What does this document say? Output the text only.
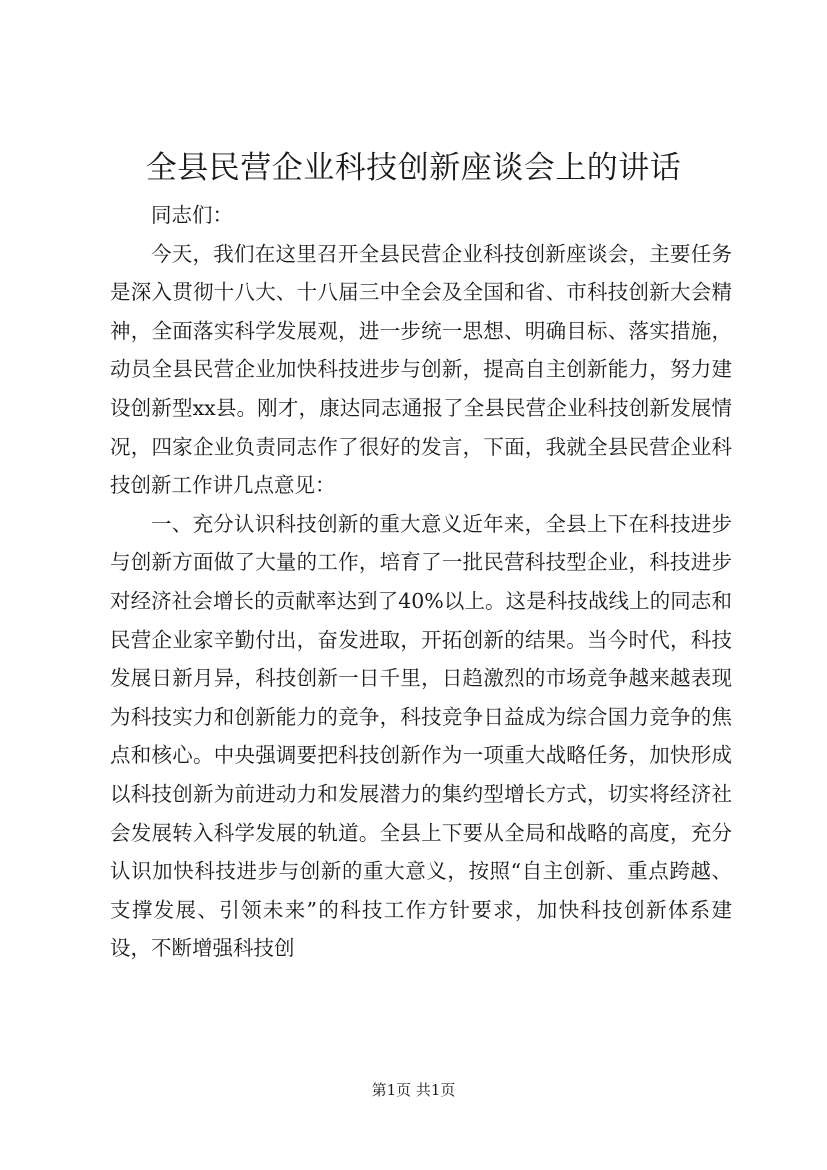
全县民营企业科技创新座谈会上的讲话

同志们：

今天，我们在这里召开全县民营企业科技创新座谈会，主要任务是深入贯彻十八大、十八届三中全会及全国和省、市科技创新大会精神，全面落实科学发展观，进一步统一思想、明确目标、落实措施，动员全县民营企业加快科技进步与创新，提高自主创新能力，努力建设创新型xx县。刚才，康达同志通报了全县民营企业科技创新发展情况，四家企业负责同志作了很好的发言，下面，我就全县民营企业科技创新工作讲几点意见：

一、充分认识科技创新的重大意义近年来，全县上下在科技进步与创新方面做了大量的工作，培育了一批民营科技型企业，科技进步对经济社会增长的贡献率达到了40%以上。这是科技战线上的同志和民营企业家辛勤付出，奋发进取，开拓创新的结果。当今时代，科技发展日新月异，科技创新一日千里，日趋激烈的市场竞争越来越表现为科技实力和创新能力的竞争，科技竞争日益成为综合国力竞争的焦点和核心。中央强调要把科技创新作为一项重大战略任务，加快形成以科技创新为前进动力和发展潜力的集约型增长方式，切实将经济社会发展转入科学发展的轨道。全县上下要从全局和战略的高度，充分认识加快科技进步与创新的重大意义，按照“自主创新、重点跨越、支撑发展、引领未来”的科技工作方针要求，加快科技创新体系建设，不断增强科技创

第1页 共1页
